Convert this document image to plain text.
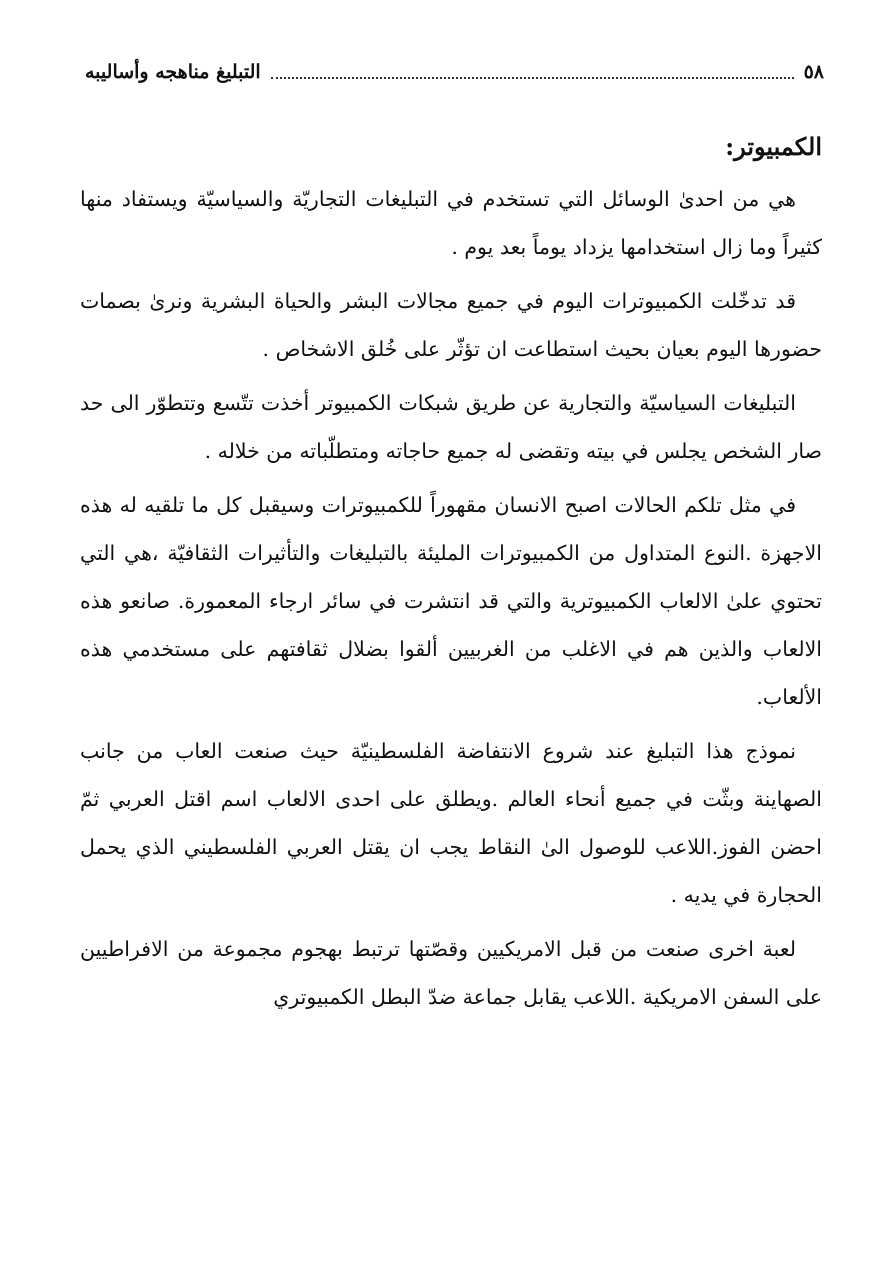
٥٨
التبليغ مناهجه وأساليبه
الكمبيوتر:

هي من احدىٰ الوسائل التي تستخدم في التبليغات التجاريّة والسياسيّة ويستفاد منها كثيراً وما زال استخدامها يزداد يوماً بعد يوم .

قد تدخّلت الكمبيوترات اليوم في جميع مجالات البشر والحياة البشرية ونرىٰ بصمات حضورها اليوم بعيان بحيث استطاعت ان تؤثّر على خُلق الاشخاص .

التبليغات السياسيّة والتجارية عن طريق شبكات الكمبيوتر أخذت تتّسع وتتطوّر الى حد صار الشخص يجلس في بيته وتقضى له جميع حاجاته ومتطلّباته من خلاله .

في مثل تلكم الحالات اصبح الانسان مقهوراً للكمبيوترات وسيقبل كل ما تلقيه له هذه الاجهزة .النوع المتداول من الكمبيوترات المليئة بالتبليغات والتأثيرات الثقافيّة ،هي التي تحتوي علىٰ الالعاب الكمبيوترية والتي قد انتشرت في سائر ارجاء المعمورة. صانعو هذه الالعاب والذين هم في الاغلب من الغربيين ألقوا بضلال ثقافتهم على مستخدمي هذه الألعاب.

نموذج هذا التبليغ عند شروع الانتفاضة الفلسطينيّة حيث صنعت العاب من جانب الصهاينة وبثّت في جميع أنحاء العالم .ويطلق على احدى الالعاب اسم اقتل العربي ثمّ احضن الفوز.اللاعب للوصول الىٰ النقاط يجب ان يقتل العربي الفلسطيني الذي يحمل الحجارة في يديه .

لعبة اخرى صنعت من قبل الامريكيين وقصّتها ترتبط بهجوم مجموعة من الافراطيين على السفن الامريكية .اللاعب يقابل جماعة ضدّ البطل الكمبيوتري
